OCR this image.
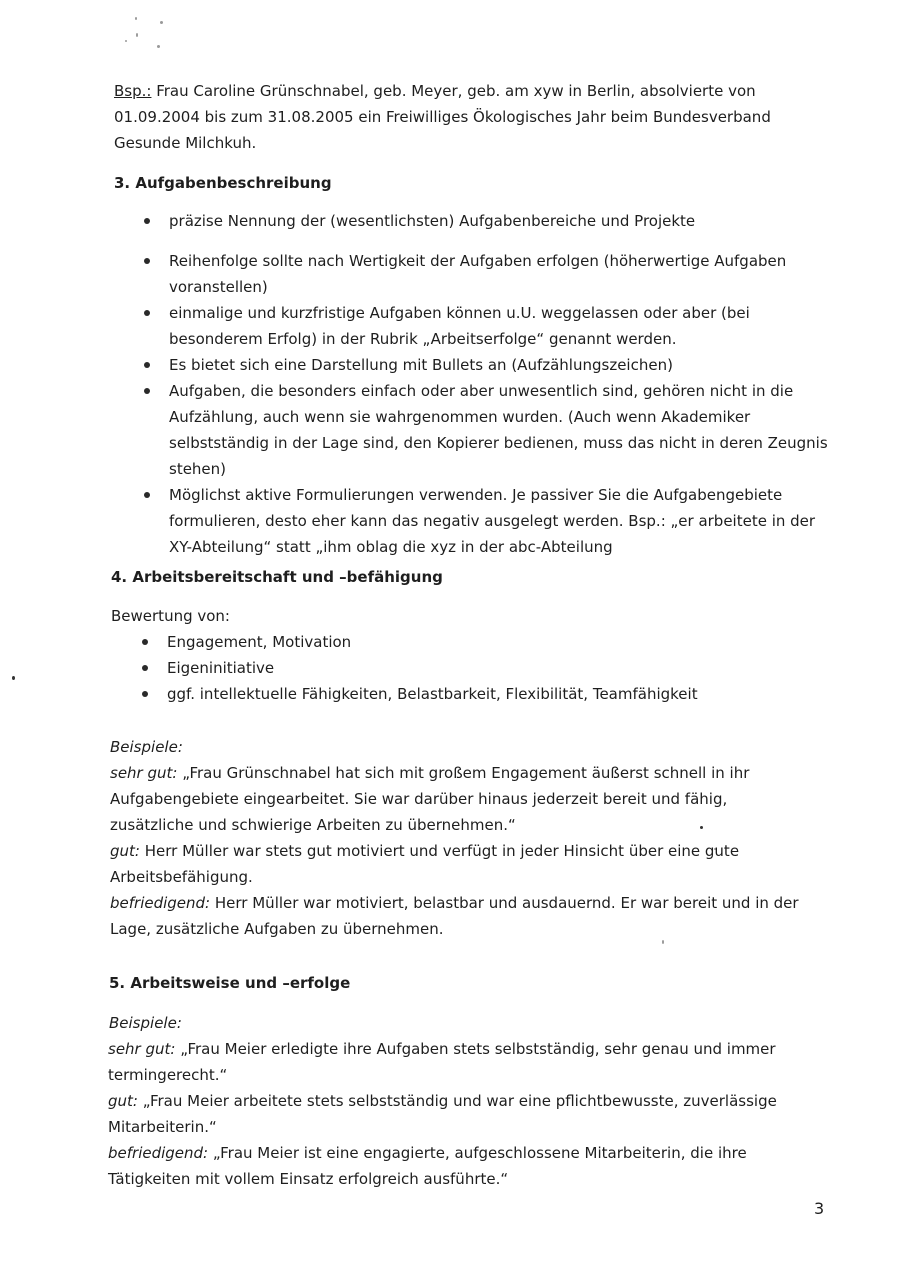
Bsp.: Frau Caroline Grünschnabel, geb. Meyer, geb. am xyw in Berlin, absolvierte von 01.09.2004 bis zum 31.08.2005 ein Freiwilliges Ökologisches Jahr beim Bundesverband Gesunde Milchkuh.

3. Aufgabenbeschreibung
präzise Nennung der (wesentlichsten) Aufgabenbereiche und Projekte
Reihenfolge sollte nach Wertigkeit der Aufgaben erfolgen (höherwertige Aufgaben voranstellen)
einmalige und kurzfristige Aufgaben können u.U. weggelassen oder aber (bei besonderem Erfolg) in der Rubrik „Arbeitserfolge“ genannt werden.
Es bietet sich eine Darstellung mit Bullets an (Aufzählungszeichen)
Aufgaben, die besonders einfach oder aber unwesentlich sind, gehören nicht in die Aufzählung, auch wenn sie wahrgenommen wurden. (Auch wenn Akademiker selbstständig in der Lage sind, den Kopierer bedienen, muss das nicht in deren Zeugnis stehen)
Möglichst aktive Formulierungen verwenden. Je passiver Sie die Aufgabengebiete formulieren, desto eher kann das negativ ausgelegt werden. Bsp.: „er arbeitete in der XY-Abteilung“ statt „ihm oblag die xyz in der abc-Abteilung
4. Arbeitsbereitschaft und –befähigung
Bewertung von:
Engagement, Motivation
Eigeninitiative
ggf. intellektuelle Fähigkeiten, Belastbarkeit, Flexibilität, Teamfähigkeit
Beispiele:
sehr gut: „Frau Grünschnabel hat sich mit großem Engagement äußerst schnell in ihr Aufgabengebiete eingearbeitet. Sie war darüber hinaus jederzeit bereit und fähig, zusätzliche und schwierige Arbeiten zu übernehmen.“
gut: Herr Müller war stets gut motiviert und verfügt in jeder Hinsicht über eine gute Arbeitsbefähigung.
befriedigend: Herr Müller war motiviert, belastbar und ausdauernd. Er war bereit und in der Lage, zusätzliche Aufgaben zu übernehmen.
5. Arbeitsweise und –erfolge
Beispiele:
sehr gut: „Frau Meier erledigte ihre Aufgaben stets selbstständig, sehr genau und immer termingerecht.“
gut: „Frau Meier arbeitete stets selbstständig und war eine pflichtbewusste, zuverlässige Mitarbeiterin.“
befriedigend: „Frau Meier ist eine engagierte, aufgeschlossene Mitarbeiterin, die ihre Tätigkeiten mit vollem Einsatz erfolgreich ausführte.“
3
